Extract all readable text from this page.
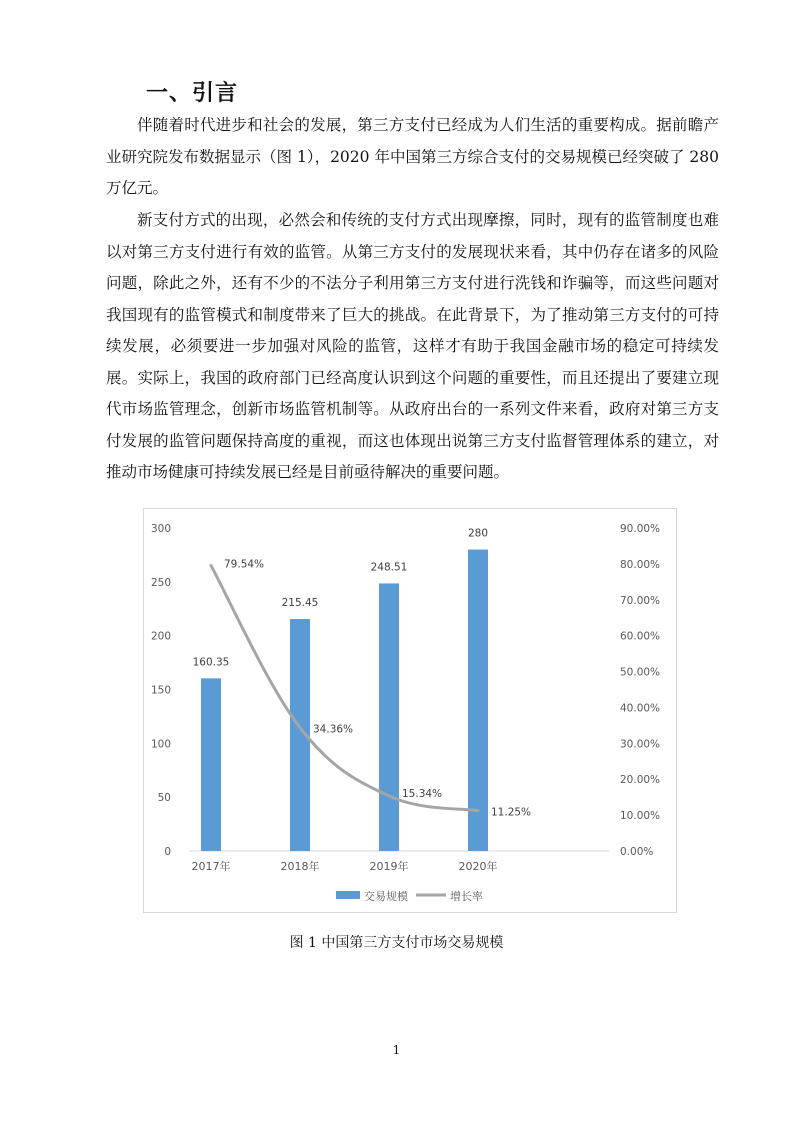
一、引言

伴随着时代进步和社会的发展，第三方支付已经成为人们生活的重要构成。据前瞻产业研究院发布数据显示（图 1），2020 年中国第三方综合支付的交易规模已经突破了 280 万亿元。

新支付方式的出现，必然会和传统的支付方式出现摩擦，同时，现有的监管制度也难以对第三方支付进行有效的监管。从第三方支付的发展现状来看，其中仍存在诸多的风险问题，除此之外，还有不少的不法分子利用第三方支付进行洗钱和诈骗等，而这些问题对我国现有的监管模式和制度带来了巨大的挑战。在此背景下，为了推动第三方支付的可持续发展，必须要进一步加强对风险的监管，这样才有助于我国金融市场的稳定可持续发展。实际上，我国的政府部门已经高度认识到这个问题的重要性，而且还提出了要建立现代市场监管理念，创新市场监管机制等。从政府出台的一系列文件来看，政府对第三方支付发展的监管问题保持高度的重视，而这也体现出说第三方支付监督管理体系的建立，对推动市场健康可持续发展已经是目前亟待解决的重要问题。

0
50
100
150
200
250
300
0.00%
10.00%
20.00%
30.00%
40.00%
50.00%
60.00%
70.00%
80.00%
90.00%
160.35
215.45
248.51
280
2017年	2018年	2019年	2020年
79.54%
34.36%
15.34%
11.25%
交易规模	增长率
图 1 中国第三方支付市场交易规模
1
